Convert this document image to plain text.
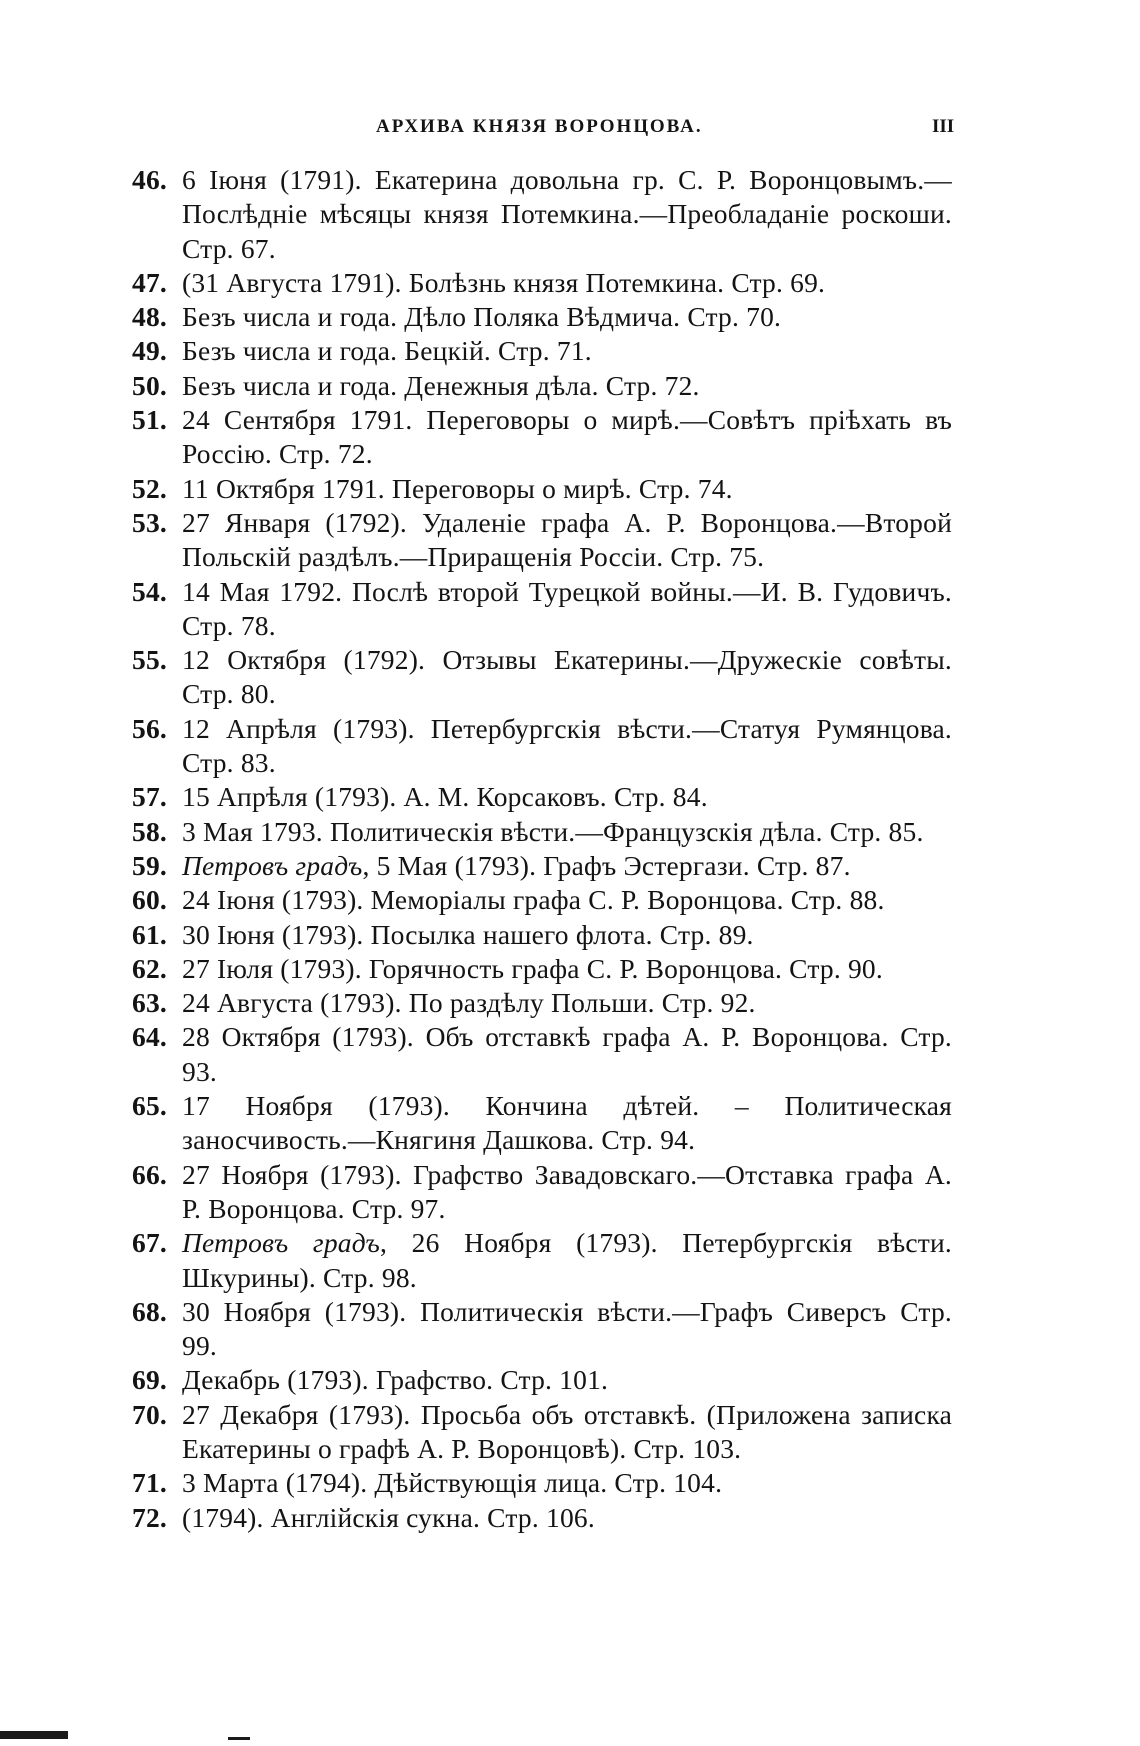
АРХИВА КНЯЗЯ ВОРОНЦОВА.	III
46. 6 Іюня (1791). Екатерина довольна гр. С. Р. Воронцовымъ.—Послѣдніе мѣсяцы князя Потемкина.—Преобладаніе роскоши. Стр. 67.
47. (31 Августа 1791). Болѣзнь князя Потемкина. Стр. 69.
48. Безъ числа и года. Дѣло Поляка Вѣдмича. Стр. 70.
49. Безъ числа и года. Бецкій. Стр. 71.
50. Безъ числа и года. Денежныя дѣла. Стр. 72.
51. 24 Сентября 1791. Переговоры о мирѣ.—Совѣтъ пріѣхать въ Россію. Стр. 72.
52. 11 Октября 1791. Переговоры о мирѣ. Стр. 74.
53. 27 Января (1792). Удаленіе графа А. Р. Воронцова.—Второй Польскій раздѣлъ.—Приращенія Россіи. Стр. 75.
54. 14 Мая 1792. Послѣ второй Турецкой войны.—И. В. Гудовичъ. Стр. 78.
55. 12 Октября (1792). Отзывы Екатерины.—Дружескіе совѣты. Стр. 80.
56. 12 Апрѣля (1793). Петербургскія вѣсти.—Статуя Румянцова. Стр. 83.
57. 15 Апрѣля (1793). А. М. Корсаковъ. Стр. 84.
58. 3 Мая 1793. Политическія вѣсти.—Французскія дѣла. Стр. 85.
59. Петровъ градъ, 5 Мая (1793). Графъ Эстергази. Стр. 87.
60. 24 Іюня (1793). Меморіалы графа С. Р. Воронцова. Стр. 88.
61. 30 Іюня (1793). Посылка нашего флота. Стр. 89.
62. 27 Іюля (1793). Горячность графа С. Р. Воронцова. Стр. 90.
63. 24 Августа (1793). По раздѣлу Польши. Стр. 92.
64. 28 Октября (1793). Объ отставкѣ графа А. Р. Воронцова. Стр. 93.
65. 17 Ноября (1793). Кончина дѣтей. – Политическая заносчивость.—Княгиня Дашкова. Стр. 94.
66. 27 Ноября (1793). Графство Завадовскаго.—Отставка графа А. Р. Воронцова. Стр. 97.
67. Петровъ градъ, 26 Ноября (1793). Петербургскія вѣсти. Шкурины). Стр. 98.
68. 30 Ноября (1793). Политическія вѣсти.—Графъ Сиверсъ Стр. 99.
69. Декабрь (1793). Графство. Стр. 101.
70. 27 Декабря (1793). Просьба объ отставкѣ. (Приложена записка Екатерины о графѣ А. Р. Воронцовѣ). Стр. 103.
71. 3 Марта (1794). Дѣйствующія лица. Стр. 104.
72. (1794). Англійскія сукна. Стр. 106.
